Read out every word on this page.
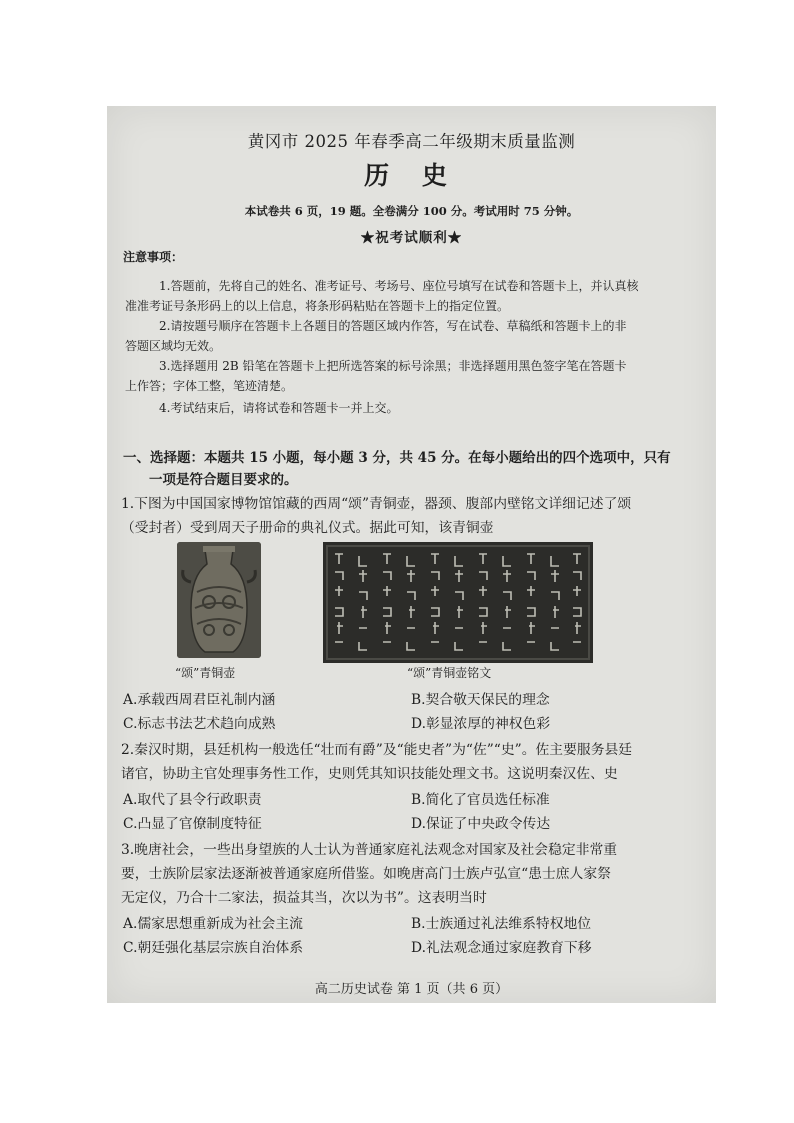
黄冈市 2025 年春季高二年级期末质量监测
历 史
本试卷共 6 页，19 题。全卷满分 100 分。考试用时 75 分钟。
★祝考试顺利★
注意事项：
1.答题前，先将自己的姓名、准考证号、考场号、座位号填写在试卷和答题卡上，并认真核
准准考证号条形码上的以上信息，将条形码粘贴在答题卡上的指定位置。
2.请按题号顺序在答题卡上各题目的答题区域内作答，写在试卷、草稿纸和答题卡上的非
答题区域均无效。
3.选择题用 2B 铅笔在答题卡上把所选答案的标号涂黑；非选择题用黑色签字笔在答题卡
上作答；字体工整，笔迹清楚。
4.考试结束后，请将试卷和答题卡一并上交。
一、选择题：本题共 15 小题，每小题 3 分，共 45 分。在每小题给出的四个选项中，只有
一项是符合题目要求的。
1.下图为中国国家博物馆馆藏的西周“颂”青铜壶，器颈、腹部内壁铭文详细记述了颂
（受封者）受到周天子册命的典礼仪式。据此可知，该青铜壶
“颂”青铜壶	“颂”青铜壶铭文
A.承载西周君臣礼制内涵	B.契合敬天保民的理念
C.标志书法艺术趋向成熟	D.彰显浓厚的神权色彩
2.秦汉时期，县廷机构一般选任“壮而有爵”及“能史者”为“佐”“史”。佐主要服务县廷
诸官，协助主官处理事务性工作，史则凭其知识技能处理文书。这说明秦汉佐、史
A.取代了县令行政职责	B.简化了官员选任标准
C.凸显了官僚制度特征	D.保证了中央政令传达
3.晚唐社会，一些出身望族的人士认为普通家庭礼法观念对国家及社会稳定非常重
要，士族阶层家法逐渐被普通家庭所借鉴。如晚唐高门士族卢弘宣“患士庶人家祭
无定仪，乃合十二家法，损益其当，次以为书”。这表明当时
A.儒家思想重新成为社会主流	B.士族通过礼法维系特权地位
C.朝廷强化基层宗族自治体系	D.礼法观念通过家庭教育下移
高二历史试卷 第 1 页（共 6 页）
